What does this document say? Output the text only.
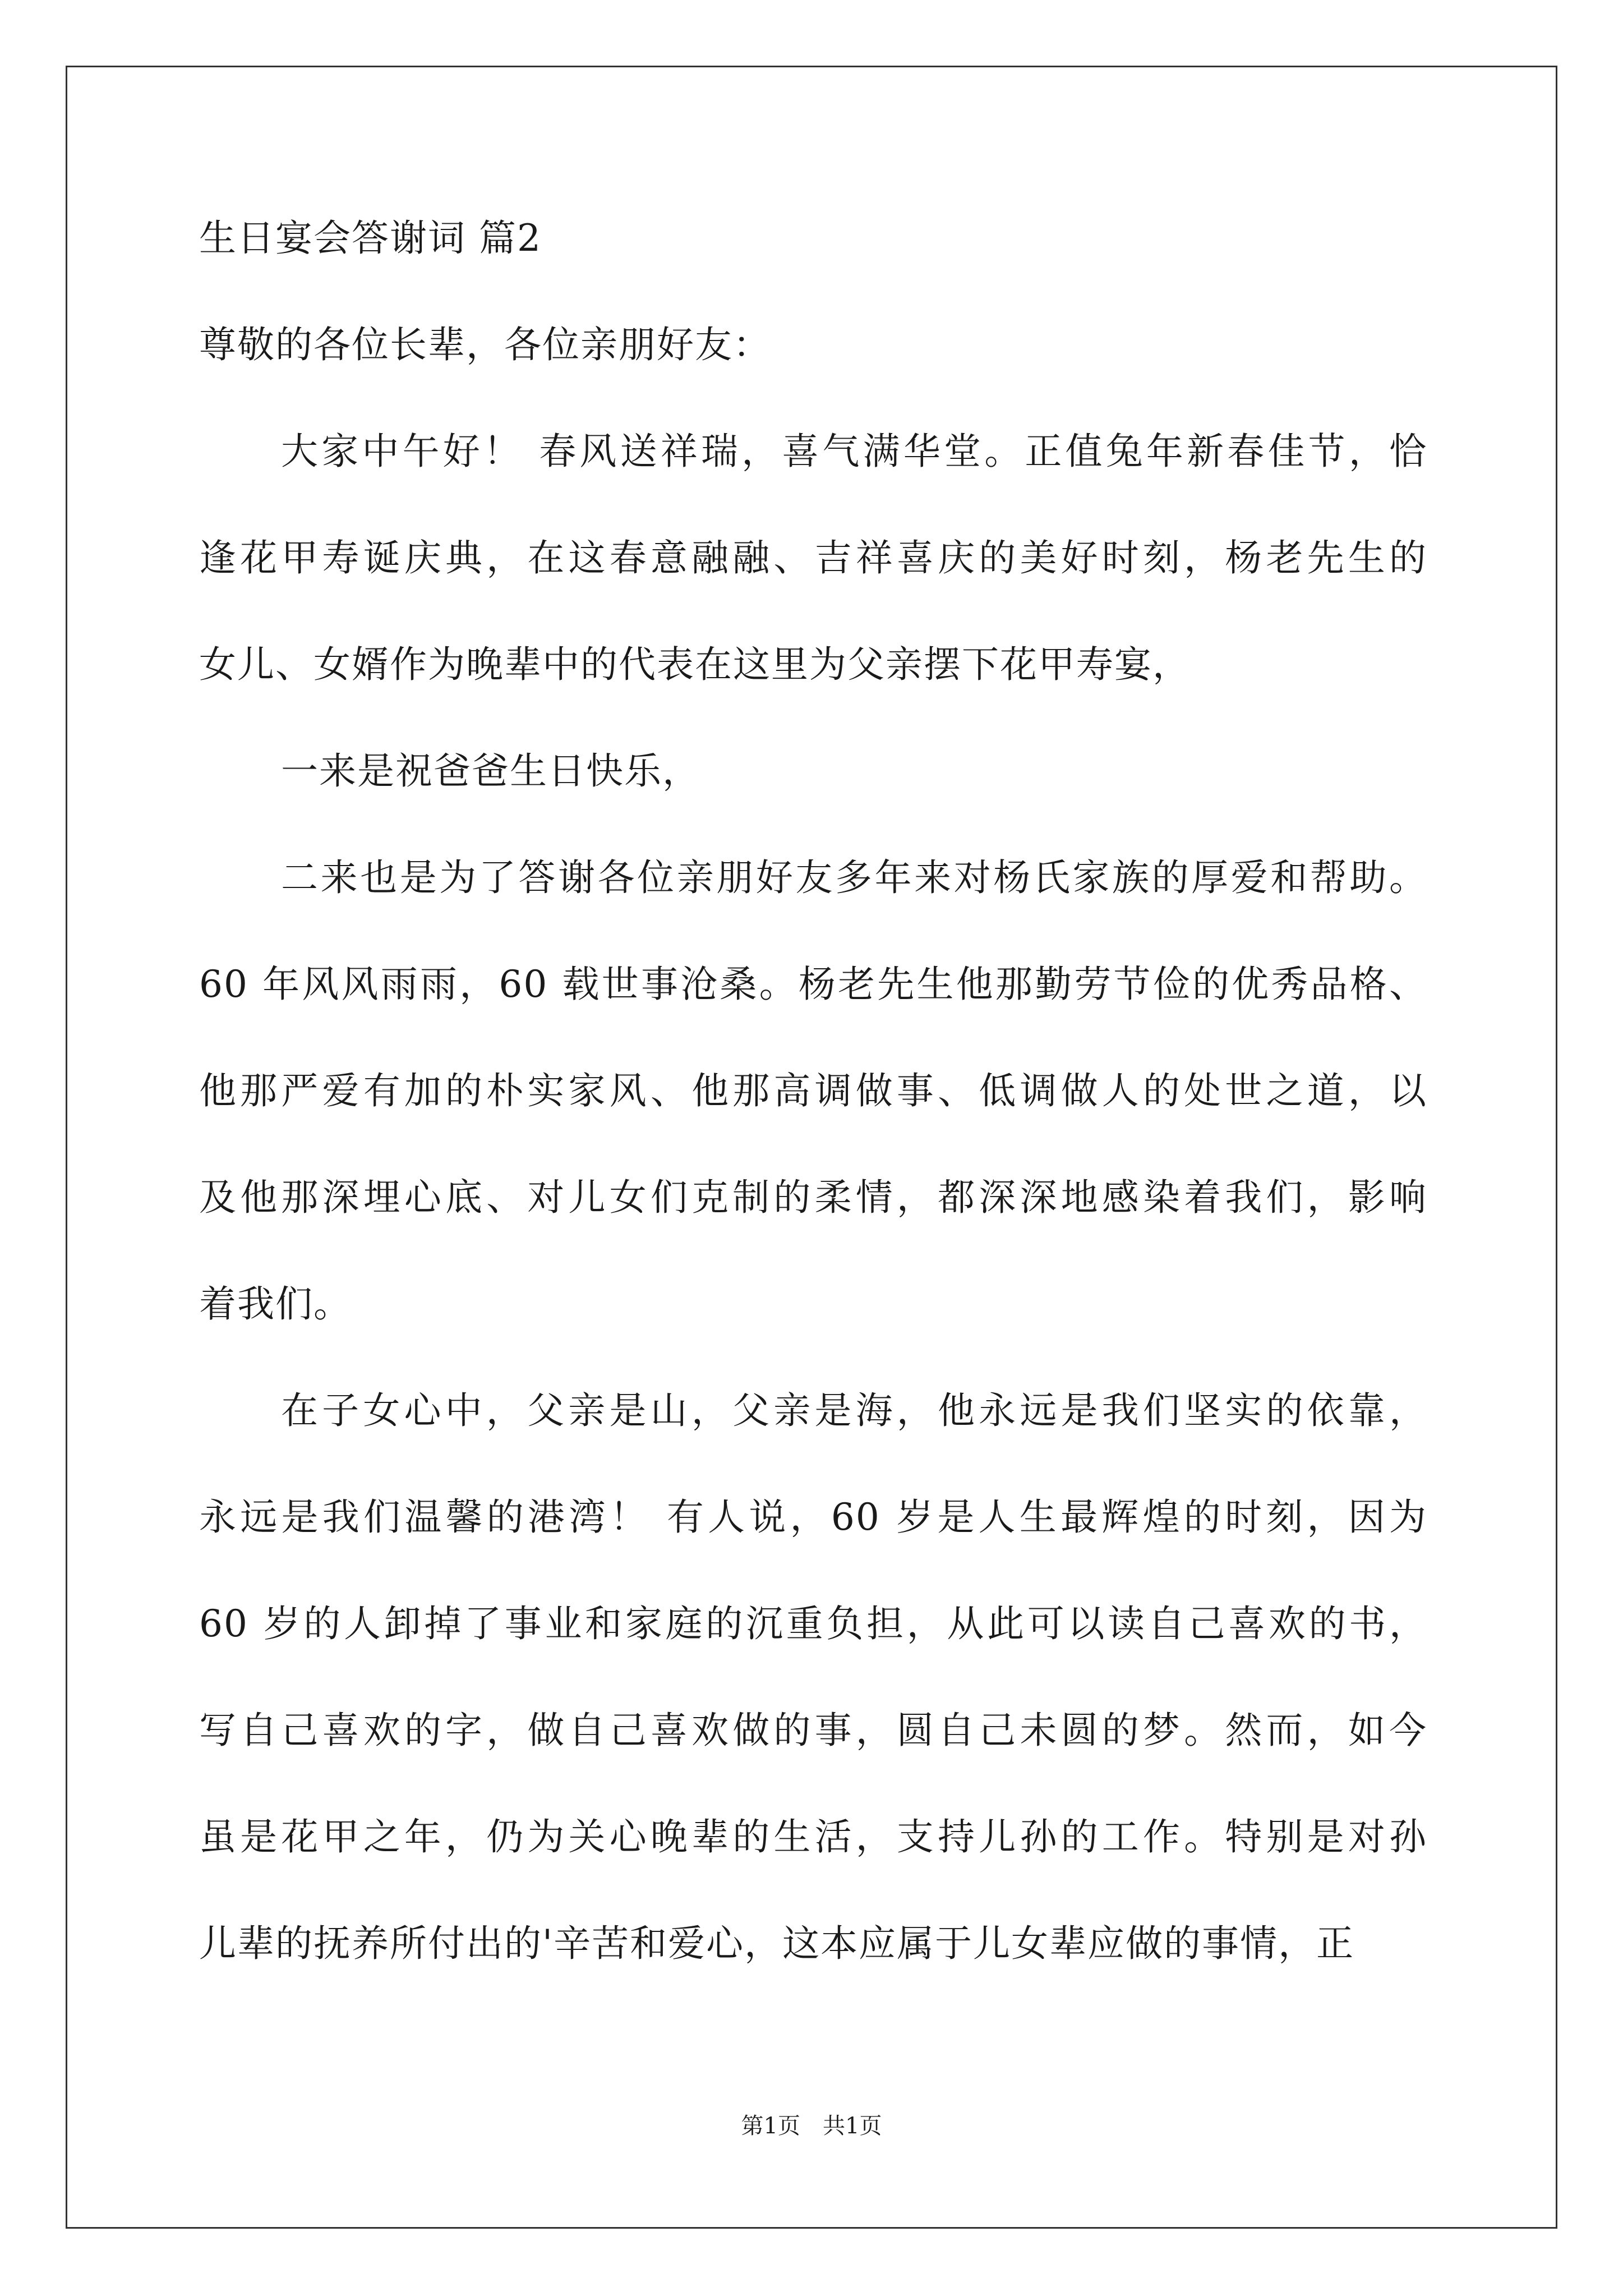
生日宴会答谢词 篇2
尊敬的各位长辈，各位亲朋好友：
大家中午好！ 春风送祥瑞，喜气满华堂。正值兔年新春佳节，恰
逢花甲寿诞庆典，在这春意融融、吉祥喜庆的美好时刻，杨老先生的
女儿、女婿作为晚辈中的代表在这里为父亲摆下花甲寿宴，
一来是祝爸爸生日快乐，
二来也是为了答谢各位亲朋好友多年来对杨氏家族的厚爱和帮助。
60 年风风雨雨，60 载世事沧桑。杨老先生他那勤劳节俭的优秀品格、
他那严爱有加的朴实家风、他那高调做事、低调做人的处世之道，以
及他那深埋心底、对儿女们克制的柔情，都深深地感染着我们，影响
着我们。
在子女心中，父亲是山，父亲是海，他永远是我们坚实的依靠，
永远是我们温馨的港湾！ 有人说，60 岁是人生最辉煌的时刻，因为
60 岁的人卸掉了事业和家庭的沉重负担，从此可以读自己喜欢的书，
写自己喜欢的字，做自己喜欢做的事，圆自己未圆的梦。然而，如今
虽是花甲之年，仍为关心晚辈的生活，支持儿孙的工作。特别是对孙
儿辈的抚养所付出的'辛苦和爱心，这本应属于儿女辈应做的事情，正
第1页　共1页
